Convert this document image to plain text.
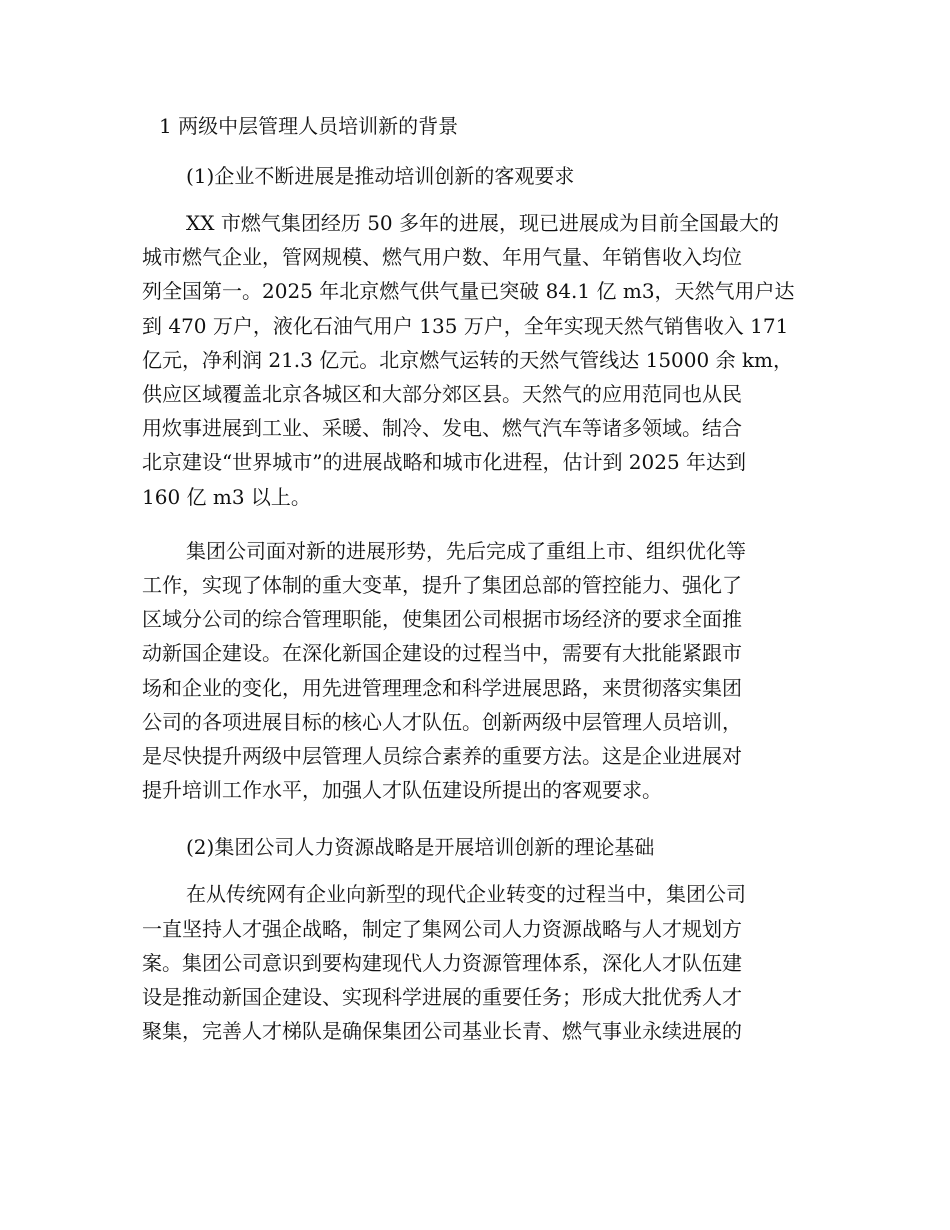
1 两级中层管理人员培训新的背景
(1)企业不断进展是推动培训创新的客观要求
XX 市燃气集团经历 50 多年的进展，现已进展成为目前全国最大的
城市燃气企业，管网规模、燃气用户数、年用气量、年销售收入均位
列全国第一。2025 年北京燃气供气量已突破 84.1 亿 m3，天然气用户达
到 470 万户，液化石油气用户 135 万户，全年实现天然气销售收入 171
亿元，净利润 21.3 亿元。北京燃气运转的天然气管线达 15000 余 km，
供应区域覆盖北京各城区和大部分郊区县。天然气的应用范同也从民
用炊事进展到工业、采暖、制冷、发电、燃气汽车等诸多领域。结合
北京建设“世界城市”的进展战略和城市化进程，估计到 2025 年达到
160 亿 m3 以上。
集团公司面对新的进展形势，先后完成了重组上市、组织优化等
工作，实现了体制的重大变革，提升了集团总部的管控能力、强化了
区域分公司的综合管理职能，使集团公司根据市场经济的要求全面推
动新国企建设。在深化新国企建设的过程当中，需要有大批能紧跟市
场和企业的变化，用先进管理理念和科学进展思路，来贯彻落实集团
公司的各项进展目标的核心人才队伍。创新两级中层管理人员培训，
是尽快提升两级中层管理人员综合素养的重要方法。这是企业进展对
提升培训工作水平，加强人才队伍建设所提出的客观要求。
(2)集团公司人力资源战略是开展培训创新的理论基础
在从传统网有企业向新型的现代企业转变的过程当中，集团公司
一直坚持人才强企战略，制定了集网公司人力资源战略与人才规划方
案。集团公司意识到要构建现代人力资源管理体系，深化人才队伍建
设是推动新国企建设、实现科学进展的重要任务；形成大批优秀人才
聚集，完善人才梯队是确保集团公司基业长青、燃气事业永续进展的
